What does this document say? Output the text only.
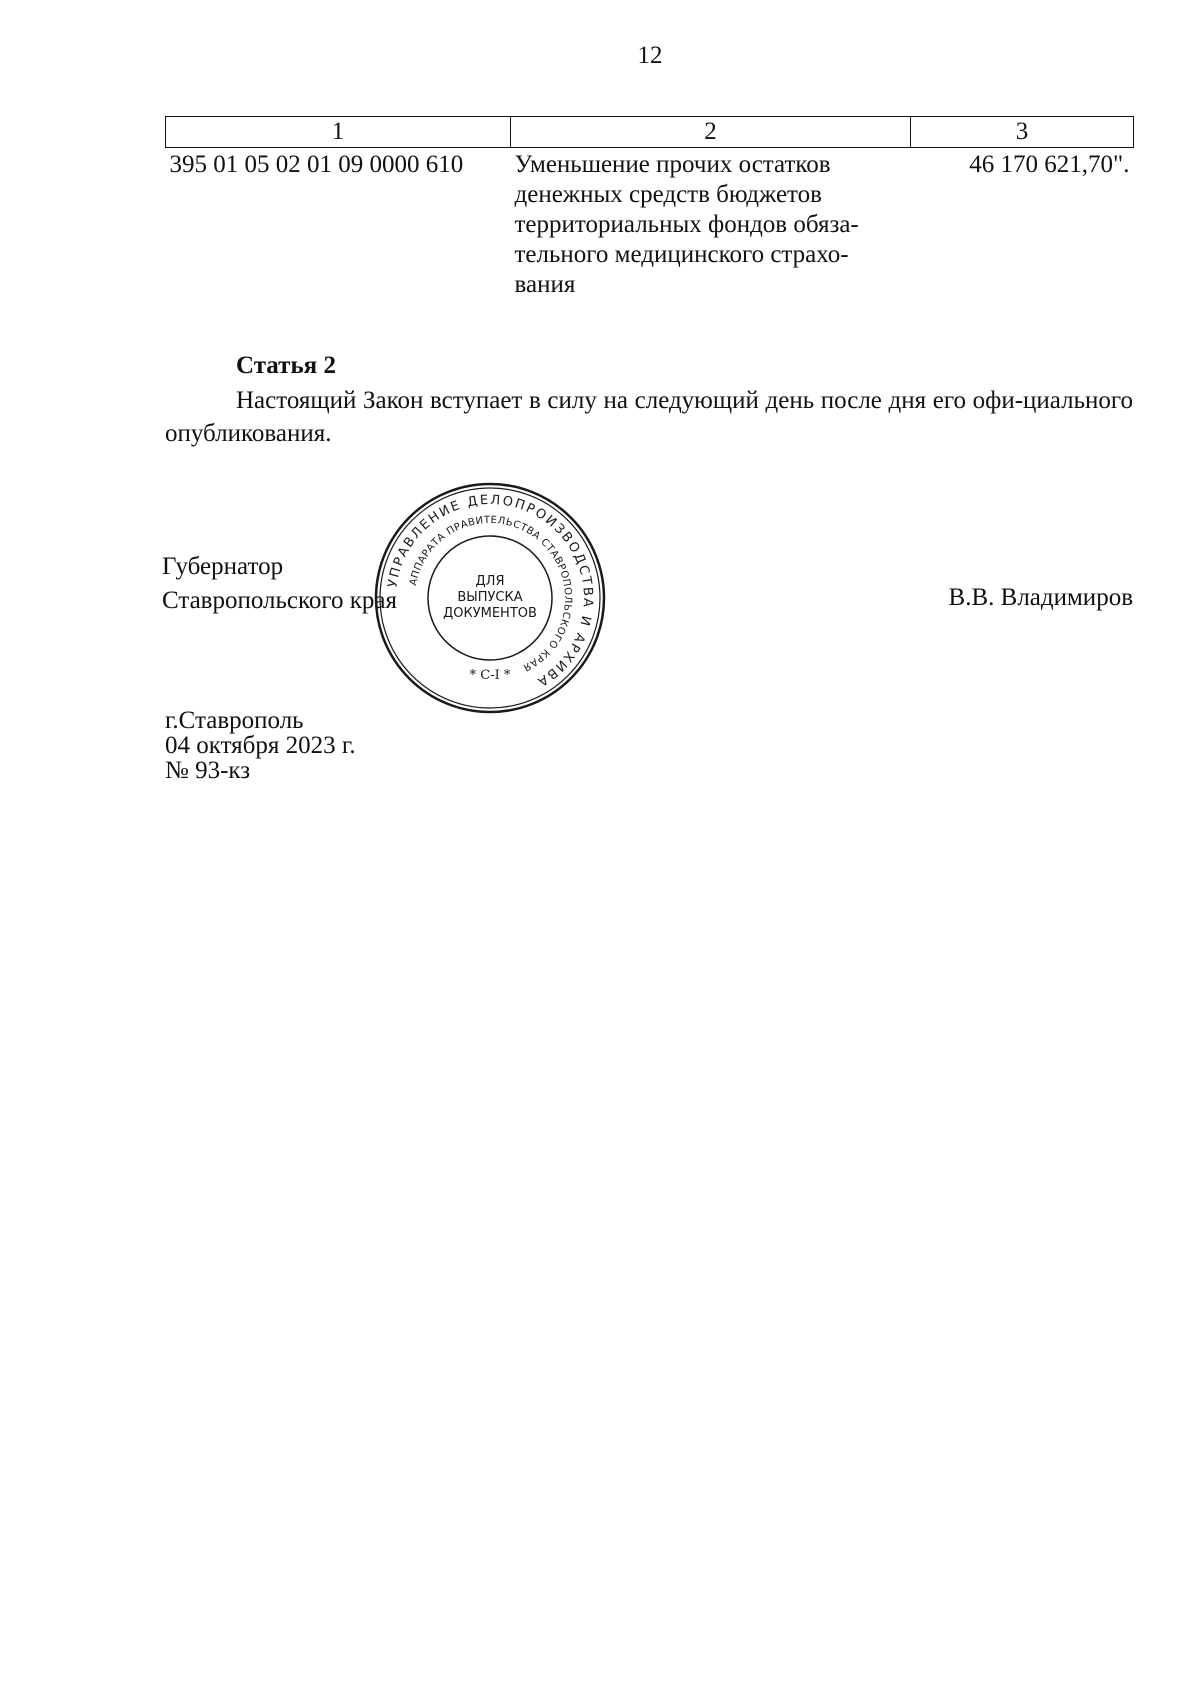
12
1	2	3
395 01 05 02 01 09 0000 610	Уменьшение прочих остатков денежных средств бюджетов территориальных фондов обяза-тельного медицинского страхо-вания	46 170 621,70".
Статья 2

Настоящий Закон вступает в силу на следующий день после дня его офи-циального опубликования.

Губернатор
Ставропольского края	В.В. Владимиров
УПРАВЛЕНИЕ ДЕЛОПРОИЗВОДСТВА И АРХИВА
АППАРАТА ПРАВИТЕЛЬСТВА СТАВРОПОЛЬСКОГО КРАЯ
ДЛЯ
ВЫПУСКА
ДОКУМЕНТОВ
* С-I *
г.Ставрополь
04 октября 2023 г.
№ 93-кз
